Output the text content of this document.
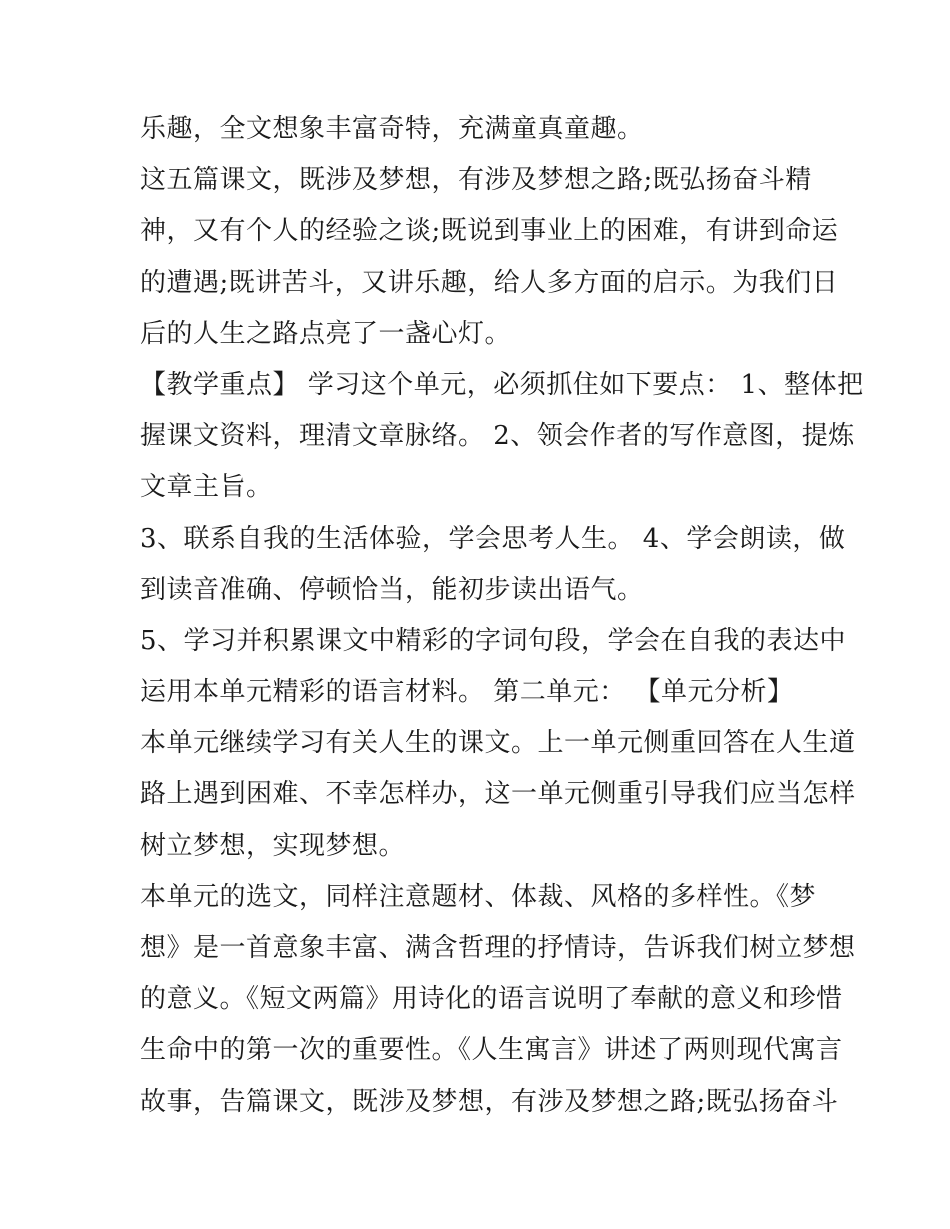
乐趣，全文想象丰富奇特，充满童真童趣。
这五篇课文，既涉及梦想，有涉及梦想之路;既弘扬奋斗精
神，又有个人的经验之谈;既说到事业上的困难，有讲到命运
的遭遇;既讲苦斗，又讲乐趣，给人多方面的启示。为我们日
后的人生之路点亮了一盏心灯。
【教学重点】 学习这个单元，必须抓住如下要点： 1、整体把
握课文资料，理清文章脉络。 2、领会作者的写作意图，提炼
文章主旨。
3、联系自我的生活体验，学会思考人生。 4、学会朗读，做
到读音准确、停顿恰当，能初步读出语气。
5、学习并积累课文中精彩的字词句段，学会在自我的表达中
运用本单元精彩的语言材料。 第二单元： 【单元分析】
本单元继续学习有关人生的课文。上一单元侧重回答在人生道
路上遇到困难、不幸怎样办，这一单元侧重引导我们应当怎样
树立梦想，实现梦想。
本单元的选文，同样注意题材、体裁、风格的多样性。《梦
想》是一首意象丰富、满含哲理的抒情诗，告诉我们树立梦想
的意义。《短文两篇》用诗化的语言说明了奉献的意义和珍惜
生命中的第一次的重要性。《人生寓言》讲述了两则现代寓言
故事，告篇课文，既涉及梦想，有涉及梦想之路;既弘扬奋斗
